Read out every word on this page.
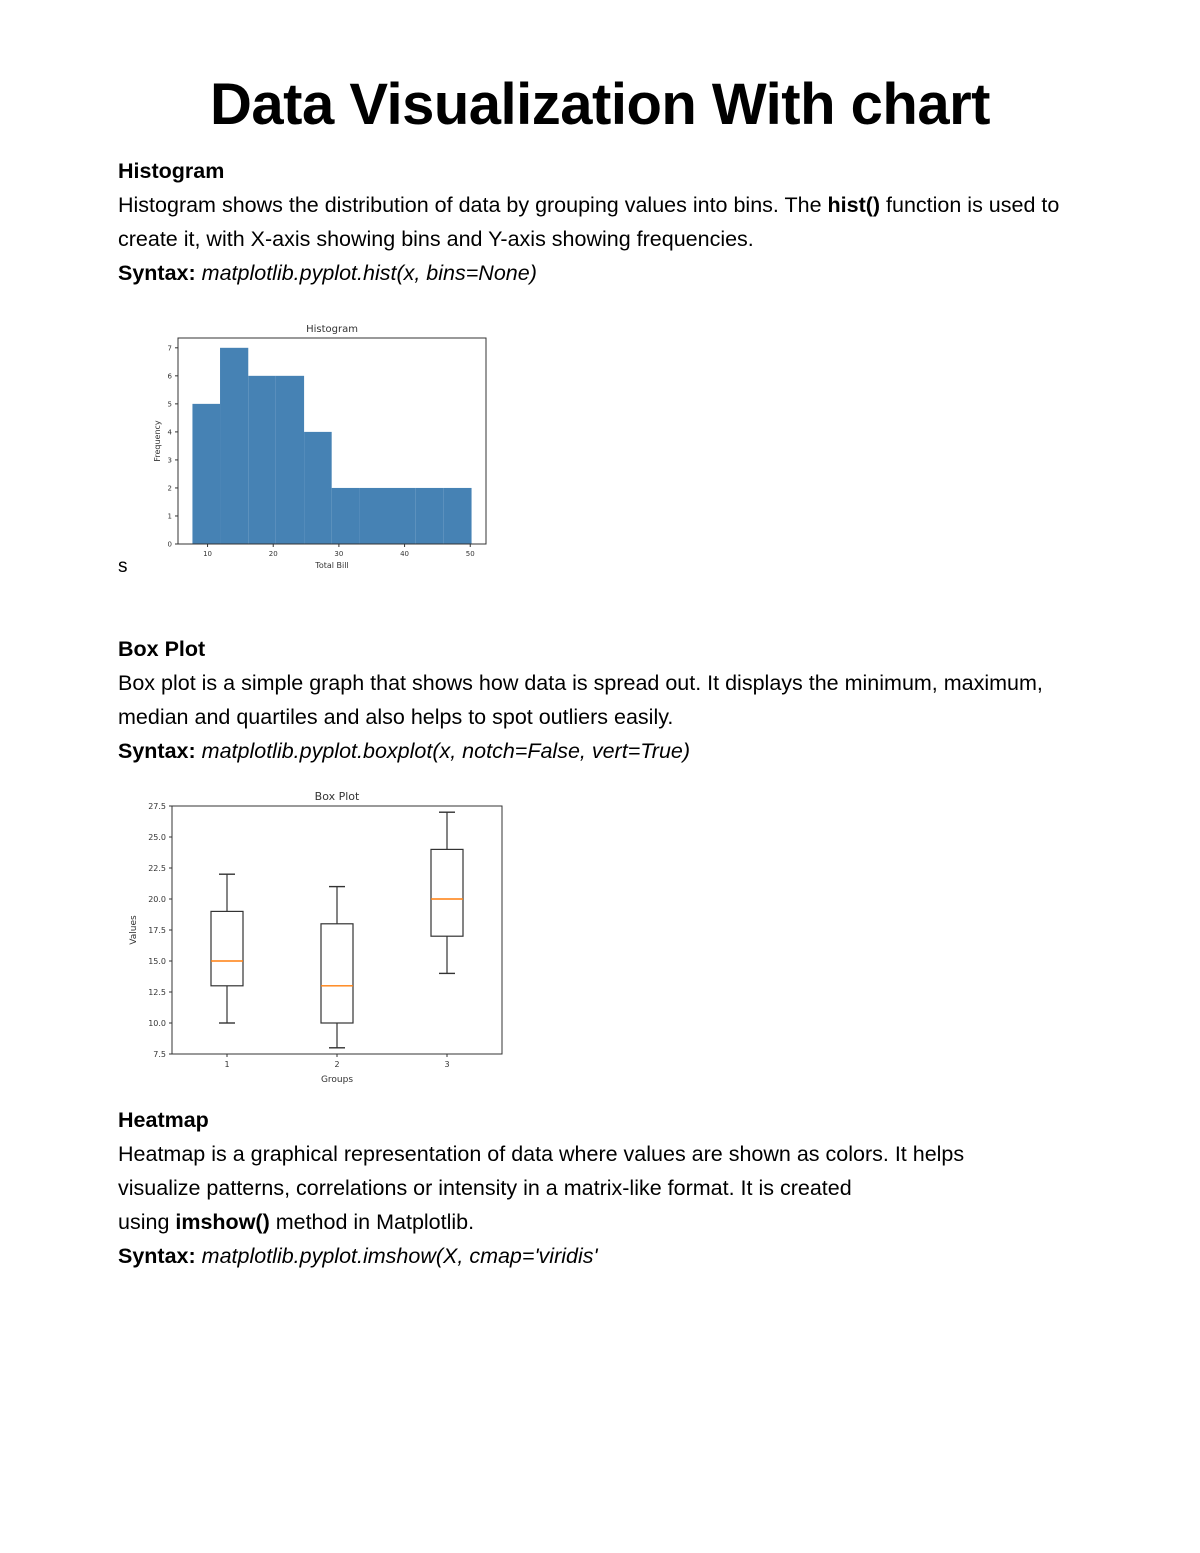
Data Visualization With chart
Histogram

Histogram shows the distribution of data by grouping values into bins. The hist() function is used to create it, with X-axis showing bins and Y-axis showing frequencies.

Syntax: matplotlib.pyplot.hist(x, bins=None)

Histogram
10	20	30	40	50
0
1
2
3
4
5
6
7
Total Bill
Frequency
s
Box Plot

Box plot is a simple graph that shows how data is spread out. It displays the minimum, maximum, median and quartiles and also helps to spot outliers easily.

Syntax: matplotlib.pyplot.boxplot(x, notch=False, vert=True)

Box Plot
1	2	3
7.5
10.0
12.5
15.0
17.5
20.0
22.5
25.0
27.5
Groups
Values
Heatmap

Heatmap is a graphical representation of data where values are shown as colors. It helps

visualize patterns, correlations or intensity in a matrix-like format. It is created

using imshow() method in Matplotlib.

Syntax: matplotlib.pyplot.imshow(X, cmap='viridis'
